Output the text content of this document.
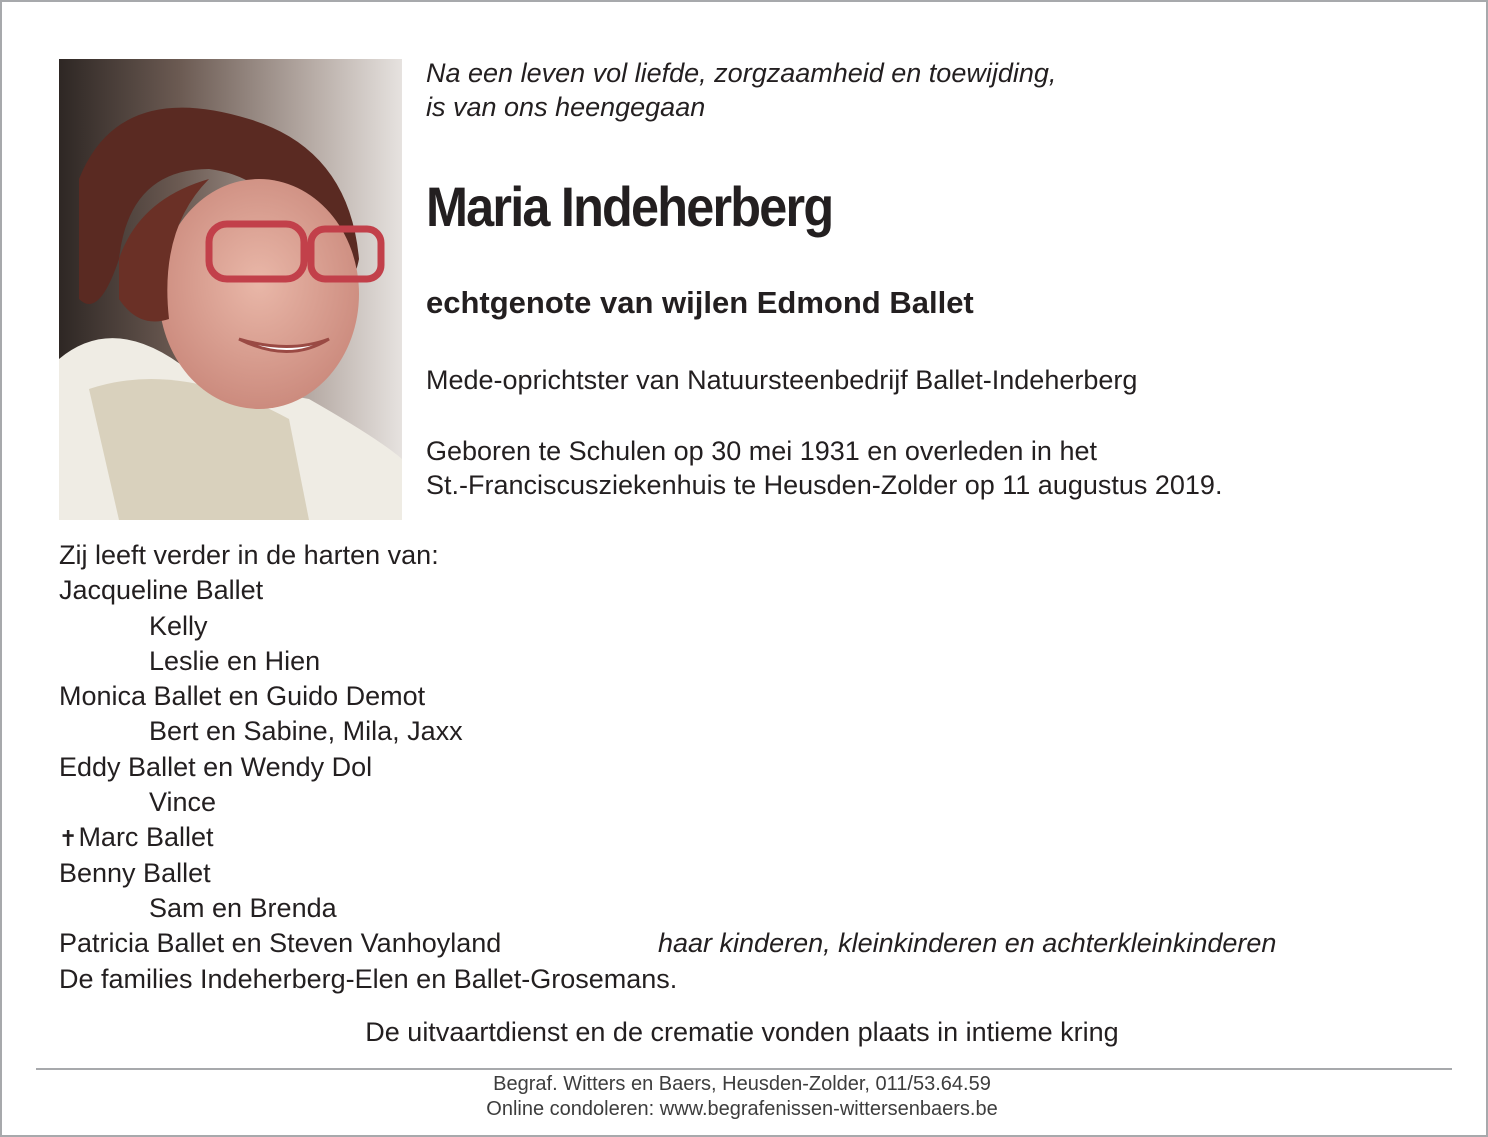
Na een leven vol liefde, zorgzaamheid en toewijding,
is van ons heengegaan
Maria Indeherberg
echtgenote van wijlen Edmond Ballet
Mede-oprichtster van Natuursteenbedrijf Ballet-Indeherberg
Geboren te Schulen op 30 mei 1931 en overleden in het
St.-Franciscusziekenhuis te Heusden-Zolder op 11 augustus 2019.
Zij leeft verder in de harten van:
Jacqueline Ballet
Kelly
Leslie en Hien
Monica Ballet en Guido Demot
Bert en Sabine, Mila, Jaxx
Eddy Ballet en Wendy Dol
Vince
✝Marc Ballet
Benny Ballet
Sam en Brenda
Patricia Ballet en Steven Vanhoyland	haar kinderen, kleinkinderen en achterkleinkinderen
De families Indeherberg-Elen en Ballet-Grosemans.
De uitvaartdienst en de crematie vonden plaats in intieme kring
Begraf. Witters en Baers, Heusden-Zolder, 011/53.64.59
Online condoleren: www.begrafenissen-wittersenbaers.be
